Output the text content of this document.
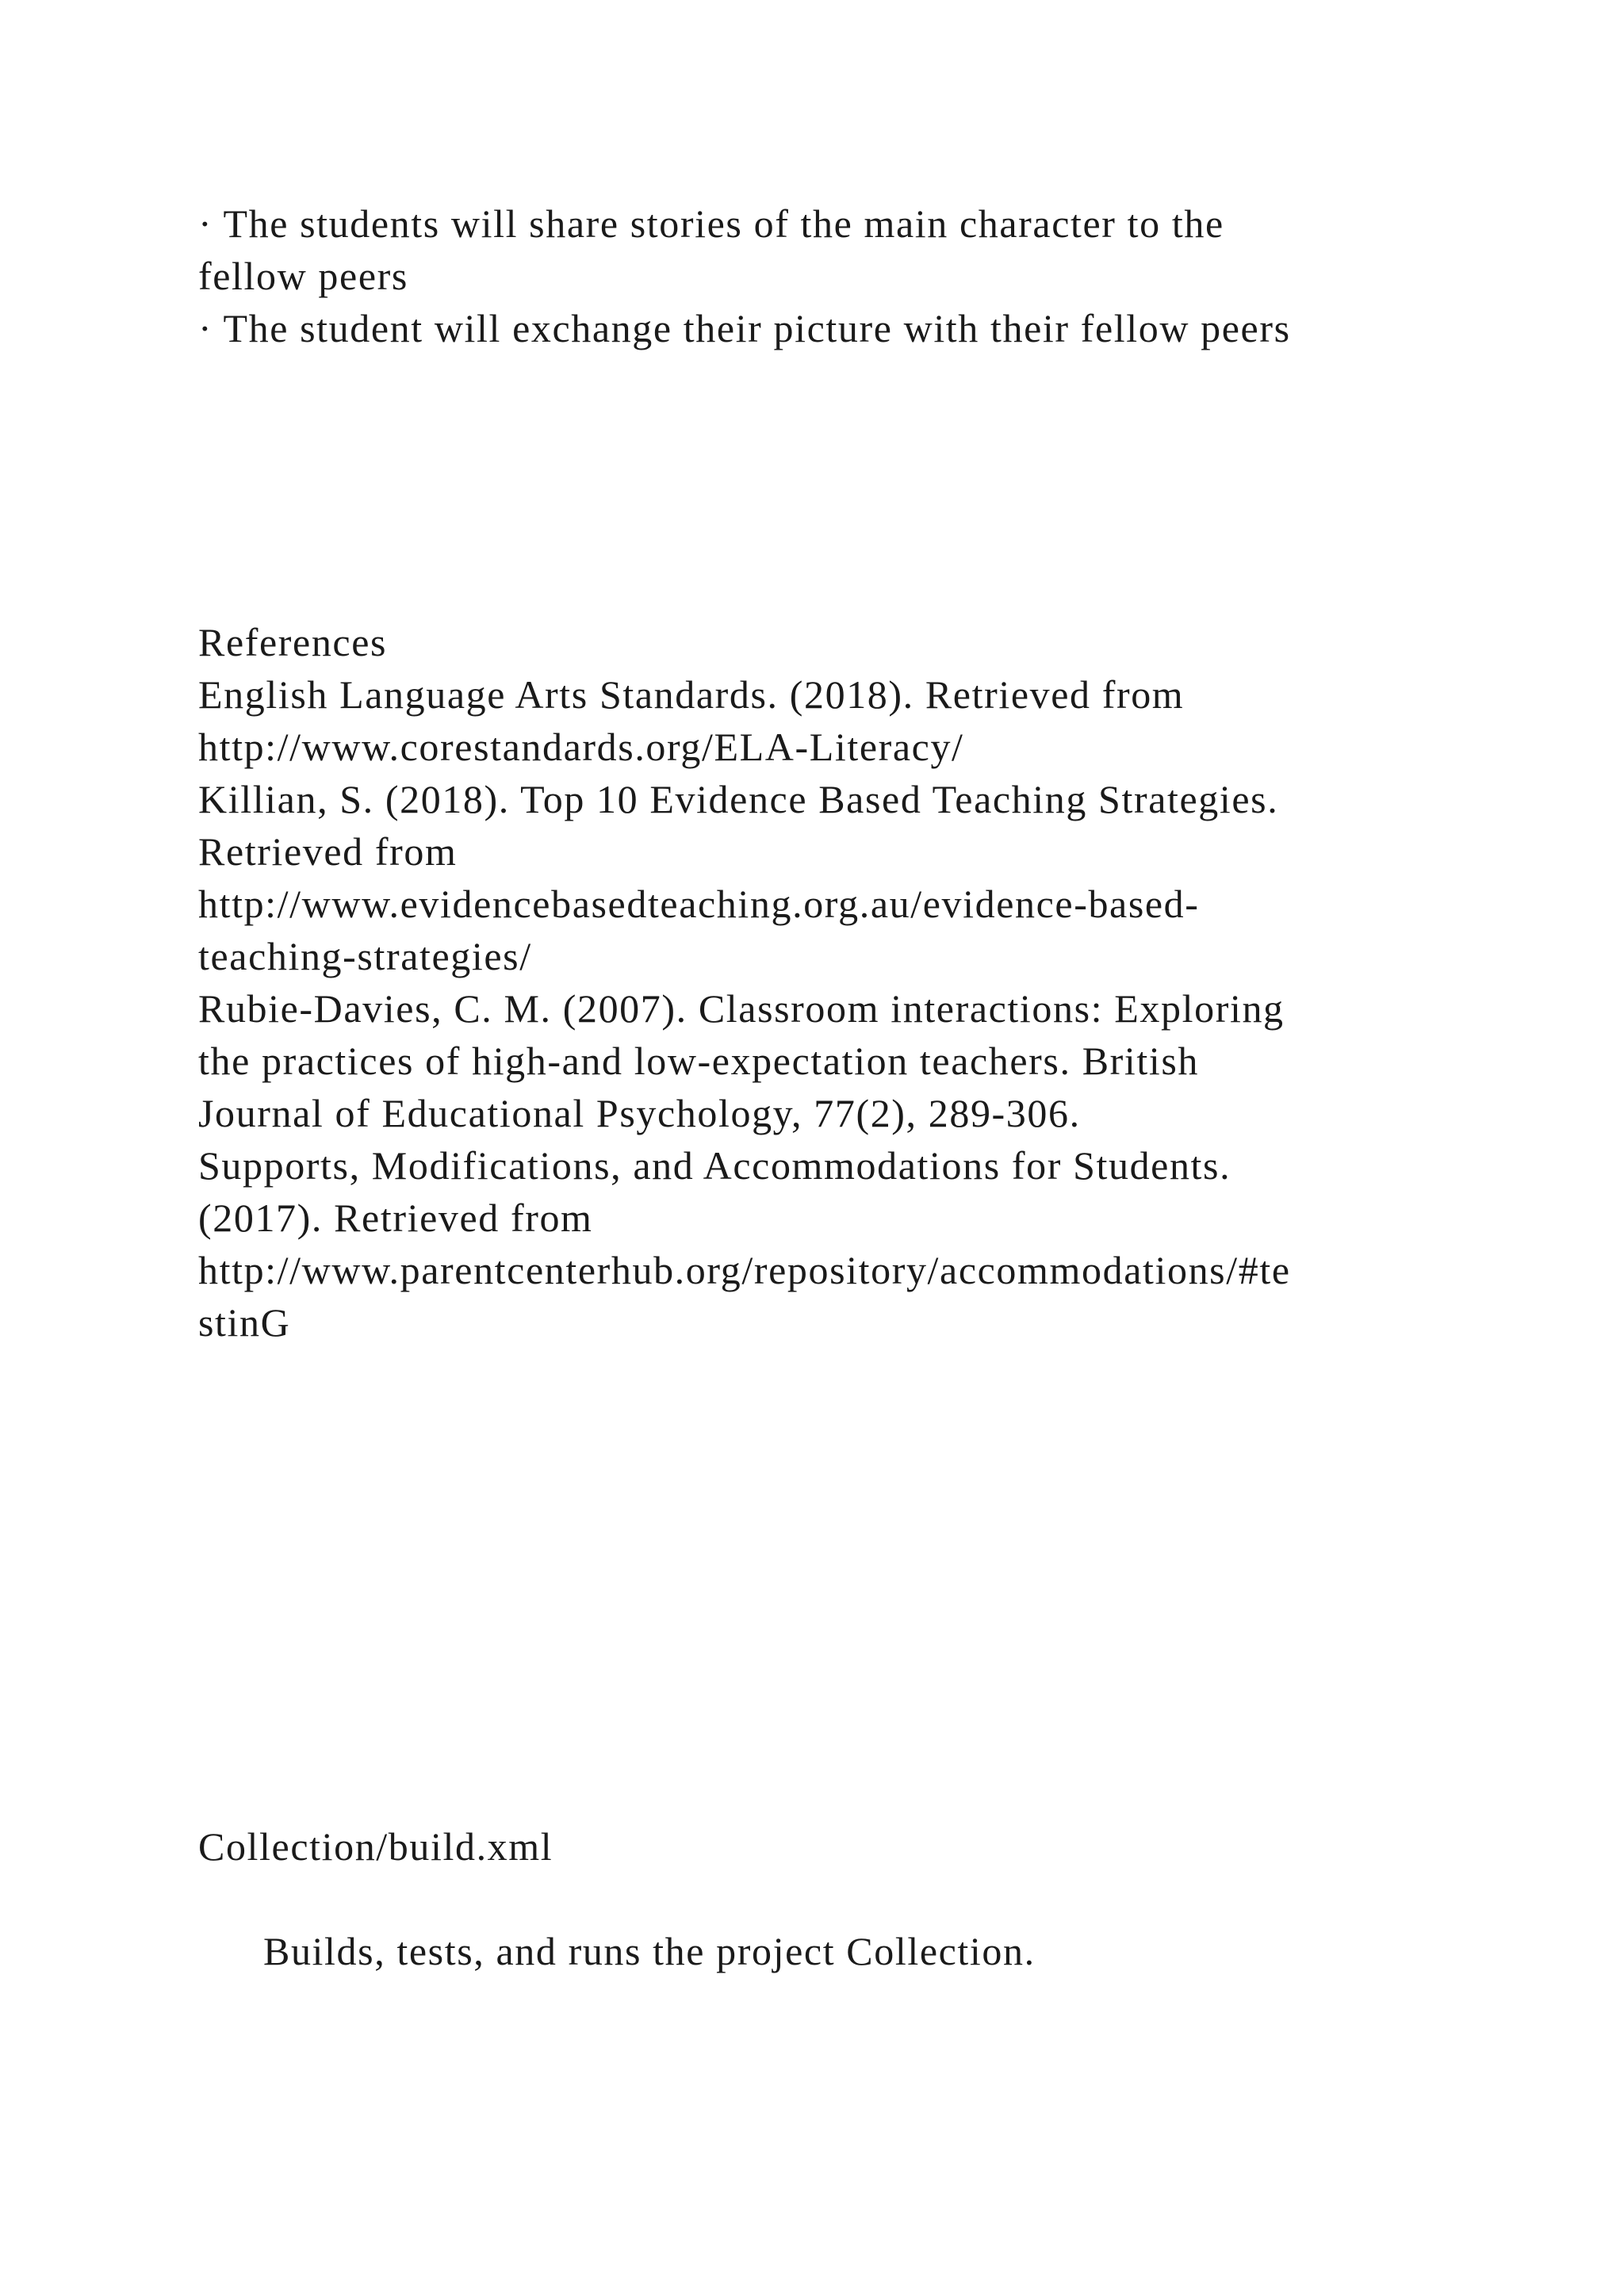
· The students will share stories of the main character to the
fellow peers
· The student will exchange their picture with their fellow peers
References
English Language Arts Standards. (2018). Retrieved from
http://www.corestandards.org/ELA-Literacy/
Killian, S. (2018). Top 10 Evidence Based Teaching Strategies.
Retrieved from
http://www.evidencebasedteaching.org.au/evidence-based-
teaching-strategies/
Rubie-Davies, C. M. (2007). Classroom interactions: Exploring
the practices of high-and low-expectation teachers. British
Journal of Educational Psychology, 77(2), 289-306.
Supports, Modifications, and Accommodations for Students.
(2017). Retrieved from
http://www.parentcenterhub.org/repository/accommodations/#te
stinG
Collection/build.xml
Builds, tests, and runs the project Collection.
